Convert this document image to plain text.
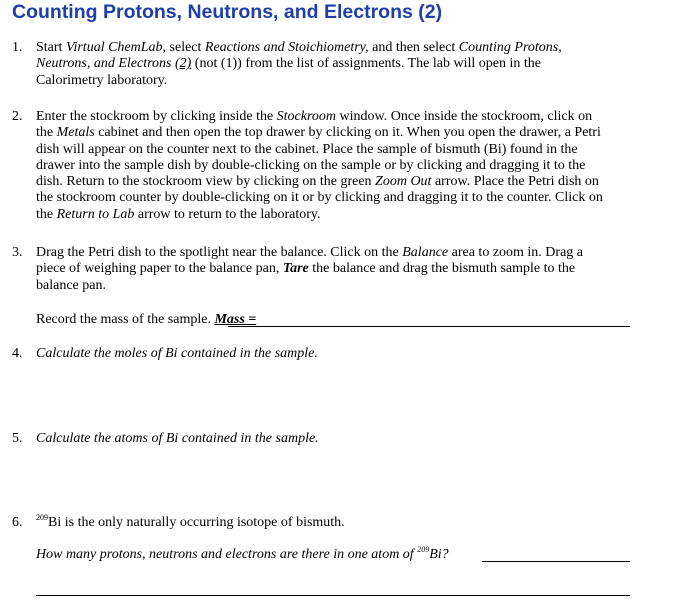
Counting Protons, Neutrons, and Electrons (2)
1. Start Virtual ChemLab, select Reactions and Stoichiometry, and then select Counting Protons,
Neutrons, and Electrons (2) (not (1)) from the list of assignments. The lab will open in the
Calorimetry laboratory.
2. Enter the stockroom by clicking inside the Stockroom window. Once inside the stockroom, click on
the Metals cabinet and then open the top drawer by clicking on it. When you open the drawer, a Petri
dish will appear on the counter next to the cabinet. Place the sample of bismuth (Bi) found in the
drawer into the sample dish by double-clicking on the sample or by clicking and dragging it to the
dish. Return to the stockroom view by clicking on the green Zoom Out arrow. Place the Petri dish on
the stockroom counter by double-clicking on it or by clicking and dragging it to the counter. Click on
the Return to Lab arrow to return to the laboratory.
3. Drag the Petri dish to the spotlight near the balance. Click on the Balance area to zoom in. Drag a
piece of weighing paper to the balance pan, Tare the balance and drag the bismuth sample to the
balance pan.
Record the mass of the sample. Mass =
4. Calculate the moles of Bi contained in the sample.
5. Calculate the atoms of Bi contained in the sample.
6. $^{209}$Bi is the only naturally occurring isotope of bismuth.
How many protons, neutrons and electrons are there in one atom of $^{209}$Bi?
